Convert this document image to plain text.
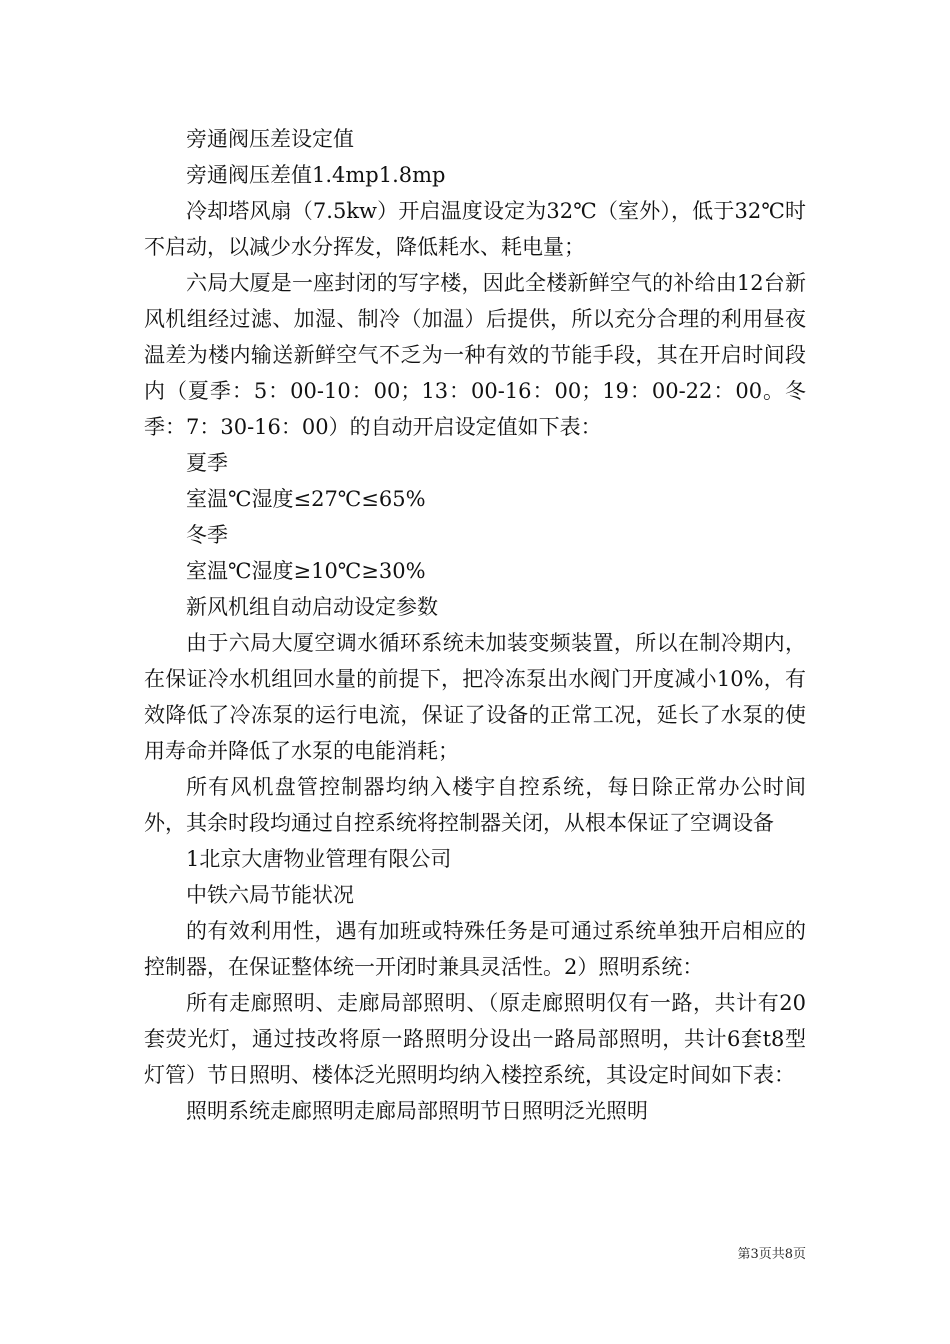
旁通阀压差设定值

旁通阀压差值1.4mp1.8mp

冷却塔风扇（7.5kw）开启温度设定为32℃（室外），低于32℃时不启动，以减少水分挥发，降低耗水、耗电量；

六局大厦是一座封闭的写字楼，因此全楼新鲜空气的补给由12台新风机组经过滤、加湿、制冷（加温）后提供，所以充分合理的利用昼夜温差为楼内输送新鲜空气不乏为一种有效的节能手段，其在开启时间段内（夏季：5：00-10：00；13：00-16：00；19：00-22：00。冬季：7：30-16：00）的自动开启设定值如下表：

夏季

室温℃湿度≤27℃≤65%

冬季

室温℃湿度≥10℃≥30%

新风机组自动启动设定参数

由于六局大厦空调水循环系统未加装变频装置，所以在制冷期内，在保证冷水机组回水量的前提下，把冷冻泵出水阀门开度减小10%，有效降低了冷冻泵的运行电流，保证了设备的正常工况，延长了水泵的使用寿命并降低了水泵的电能消耗；

所有风机盘管控制器均纳入楼宇自控系统，每日除正常办公时间外，其余时段均通过自控系统将控制器关闭，从根本保证了空调设备

1北京大唐物业管理有限公司

中铁六局节能状况

的有效利用性，遇有加班或特殊任务是可通过系统单独开启相应的控制器，在保证整体统一开闭时兼具灵活性。2）照明系统：

所有走廊照明、走廊局部照明、（原走廊照明仅有一路，共计有20套荧光灯，通过技改将原一路照明分设出一路局部照明，共计6套t8型灯管）节日照明、楼体泛光照明均纳入楼控系统，其设定时间如下表：

照明系统走廊照明走廊局部照明节日照明泛光照明

第3页共8页
